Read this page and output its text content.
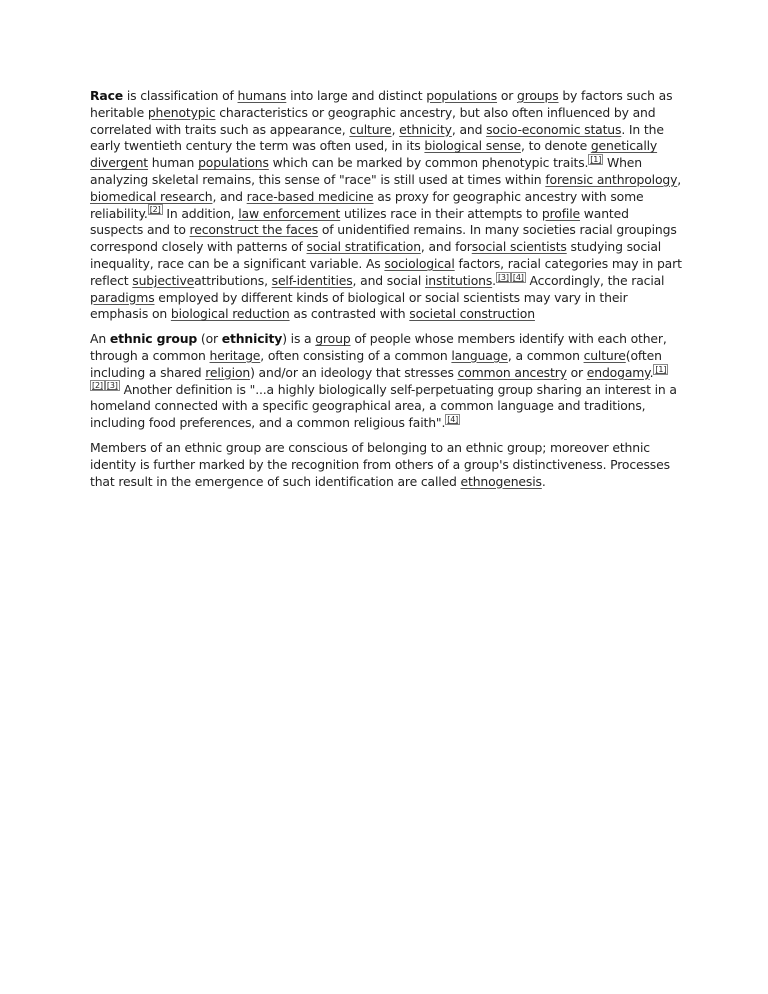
Race is classification of humans into large and distinct populations or groups by factors such as heritable phenotypic characteristics or geographic ancestry, but also often influenced by and correlated with traits such as appearance, culture, ethnicity, and socio-economic status. In the early twentieth century the term was often used, in its biological sense, to denote genetically divergent human populations which can be marked by common phenotypic traits. [1] When analyzing skeletal remains, this sense of "race" is still used at times within forensic anthropology, biomedical research, and race-based medicine as proxy for geographic ancestry with some reliability. [2] In addition, law enforcement utilizes race in their attempts to profile wanted suspects and to reconstruct the faces of unidentified remains. In many societies racial groupings correspond closely with patterns of social stratification, and forsocial scientists studying social inequality, race can be a significant variable. As sociological factors, racial categories may in part reflect subjectiveattributions, self-identities, and social institutions. [3] [4] Accordingly, the racial paradigms employed by different kinds of biological or social scientists may vary in their emphasis on biological reduction as contrasted with societal construction

An ethnic group (or ethnicity) is a group of people whose members identify with each other, through a common heritage, often consisting of a common language, a common culture(often including a shared religion) and/or an ideology that stresses common ancestry or endogamy. [1][2] [3] Another definition is "...a highly biologically self-perpetuating group sharing an interest in a homeland connected with a specific geographical area, a common language and traditions, including food preferences, and a common religious faith". [4]

Members of an ethnic group are conscious of belonging to an ethnic group; moreover ethnic identity is further marked by the recognition from others of a group's distinctiveness. Processes that result in the emergence of such identification are called ethnogenesis.
